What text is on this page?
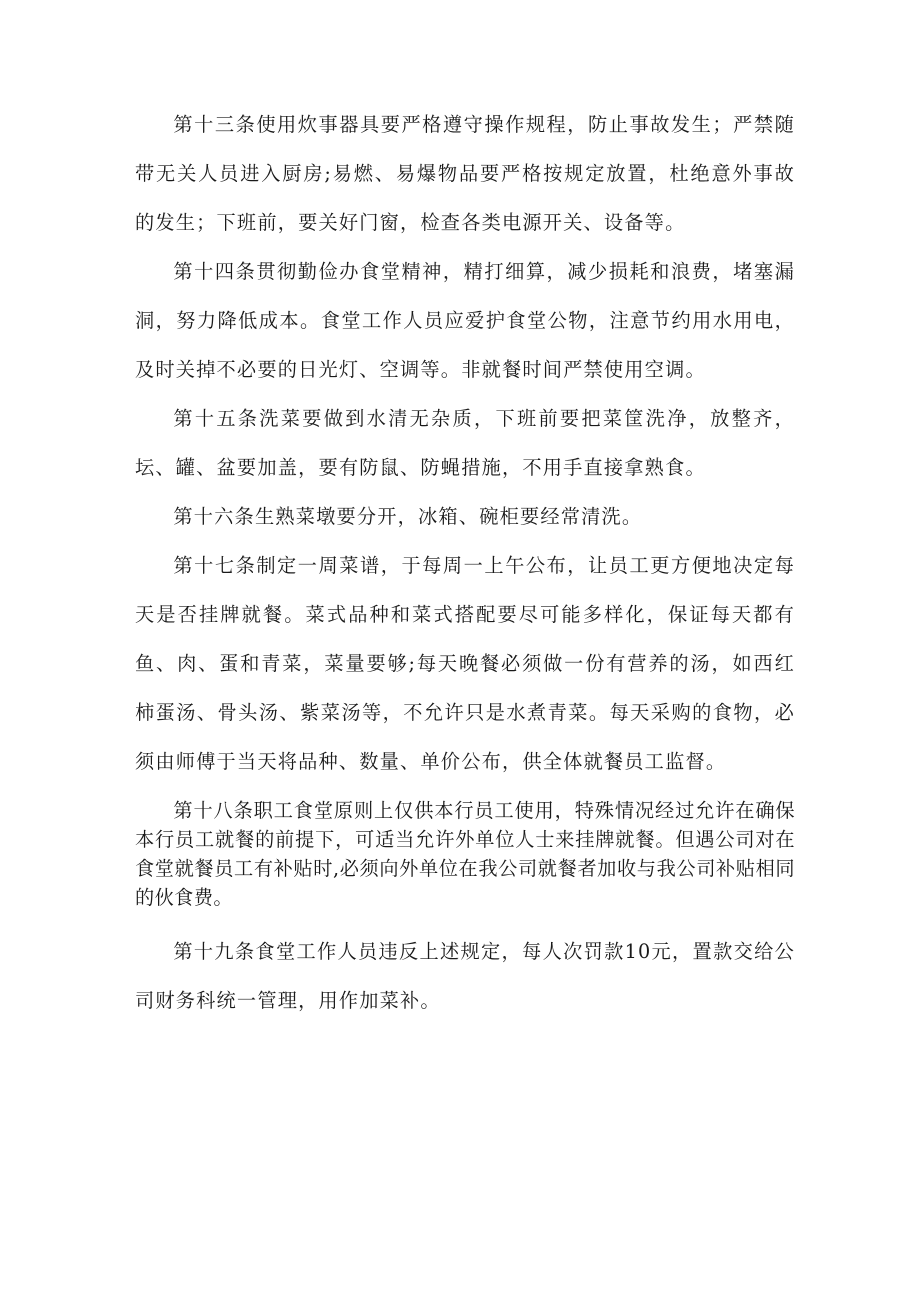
第十三条使用炊事器具要严格遵守操作规程，防止事故发生；严禁随带无关人员进入厨房;易燃、易爆物品要严格按规定放置，杜绝意外事故的发生；下班前，要关好门窗，检查各类电源开关、设备等。

第十四条贯彻勤俭办食堂精神，精打细算，减少损耗和浪费，堵塞漏洞，努力降低成本。食堂工作人员应爱护食堂公物，注意节约用水用电，及时关掉不必要的日光灯、空调等。非就餐时间严禁使用空调。

第十五条洗菜要做到水清无杂质，下班前要把菜筐洗净，放整齐，坛、罐、盆要加盖，要有防鼠、防蝇措施，不用手直接拿熟食。

第十六条生熟菜墩要分开，冰箱、碗柜要经常清洗。

第十七条制定一周菜谱，于每周一上午公布，让员工更方便地决定每天是否挂牌就餐。菜式品种和菜式搭配要尽可能多样化，保证每天都有鱼、肉、蛋和青菜，菜量要够;每天晚餐必须做一份有营养的汤，如西红柿蛋汤、骨头汤、紫菜汤等，不允许只是水煮青菜。每天采购的食物，必须由师傅于当天将品种、数量、单价公布，供全体就餐员工监督。

第十八条职工食堂原则上仅供本行员工使用，特殊情况经过允许在确保本行员工就餐的前提下，可适当允许外单位人士来挂牌就餐。但遇公司对在食堂就餐员工有补贴时,必须向外单位在我公司就餐者加收与我公司补贴相同的伙食费。

第十九条食堂工作人员违反上述规定，每人次罚款10元，置款交给公司财务科统一管理，用作加菜补。
